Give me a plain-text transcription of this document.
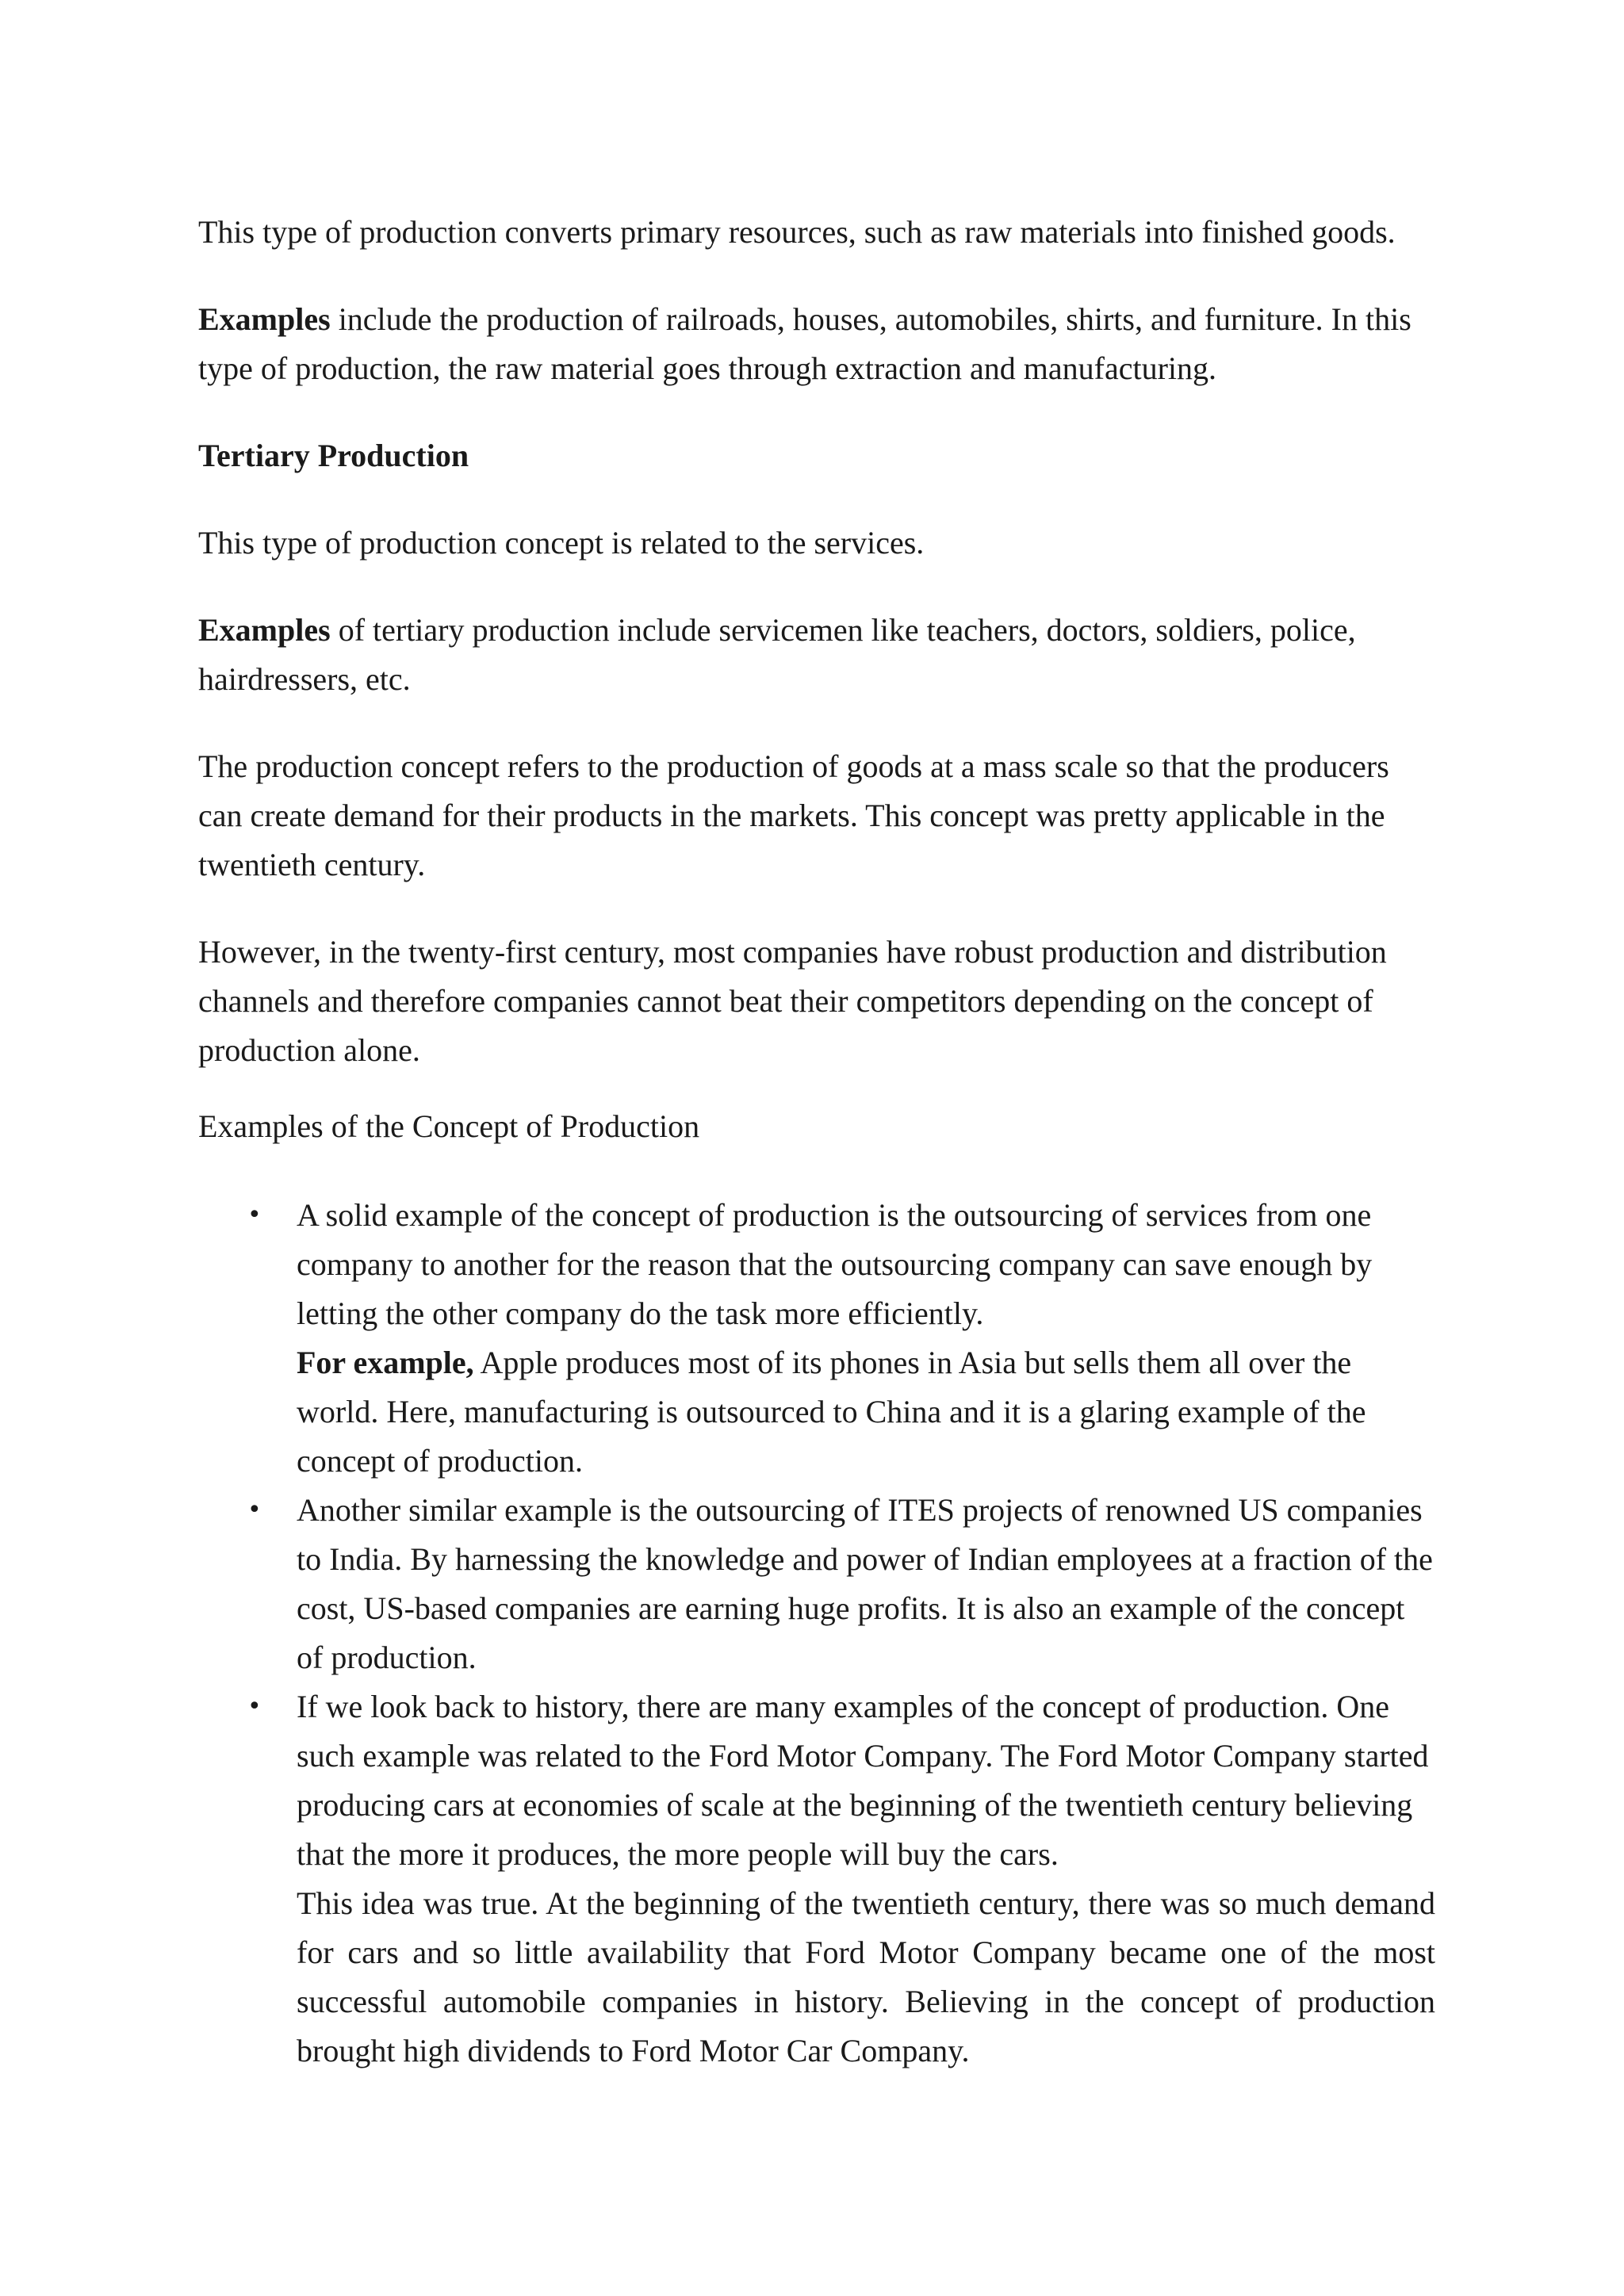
This type of production converts primary resources, such as raw materials into finished goods.

Examples include the production of railroads, houses, automobiles, shirts, and furniture. In this type of production, the raw material goes through extraction and manufacturing.

Tertiary Production

This type of production concept is related to the services.

Examples of tertiary production include servicemen like teachers, doctors, soldiers, police, hairdressers, etc.

The production concept refers to the production of goods at a mass scale so that the producers can create demand for their products in the markets. This concept was pretty applicable in the twentieth century.

However, in the twenty-first century, most companies have robust production and distribution channels and therefore companies cannot beat their competitors depending on the concept of production alone.

Examples of the Concept of Production

• A solid example of the concept of production is the outsourcing of services from one company to another for the reason that the outsourcing company can save enough by letting the other company do the task more efficiently.

For example, Apple produces most of its phones in Asia but sells them all over the world. Here, manufacturing is outsourced to China and it is a glaring example of the concept of production.

• Another similar example is the outsourcing of ITES projects of renowned US companies to India. By harnessing the knowledge and power of Indian employees at a fraction of the cost, US-based companies are earning huge profits. It is also an example of the concept of production.

• If we look back to history, there are many examples of the concept of production. One such example was related to the Ford Motor Company. The Ford Motor Company started producing cars at economies of scale at the beginning of the twentieth century believing that the more it produces, the more people will buy the cars.

This idea was true. At the beginning of the twentieth century, there was so much demand for cars and so little availability that Ford Motor Company became one of the most successful automobile companies in history. Believing in the concept of production brought high dividends to Ford Motor Car Company.
